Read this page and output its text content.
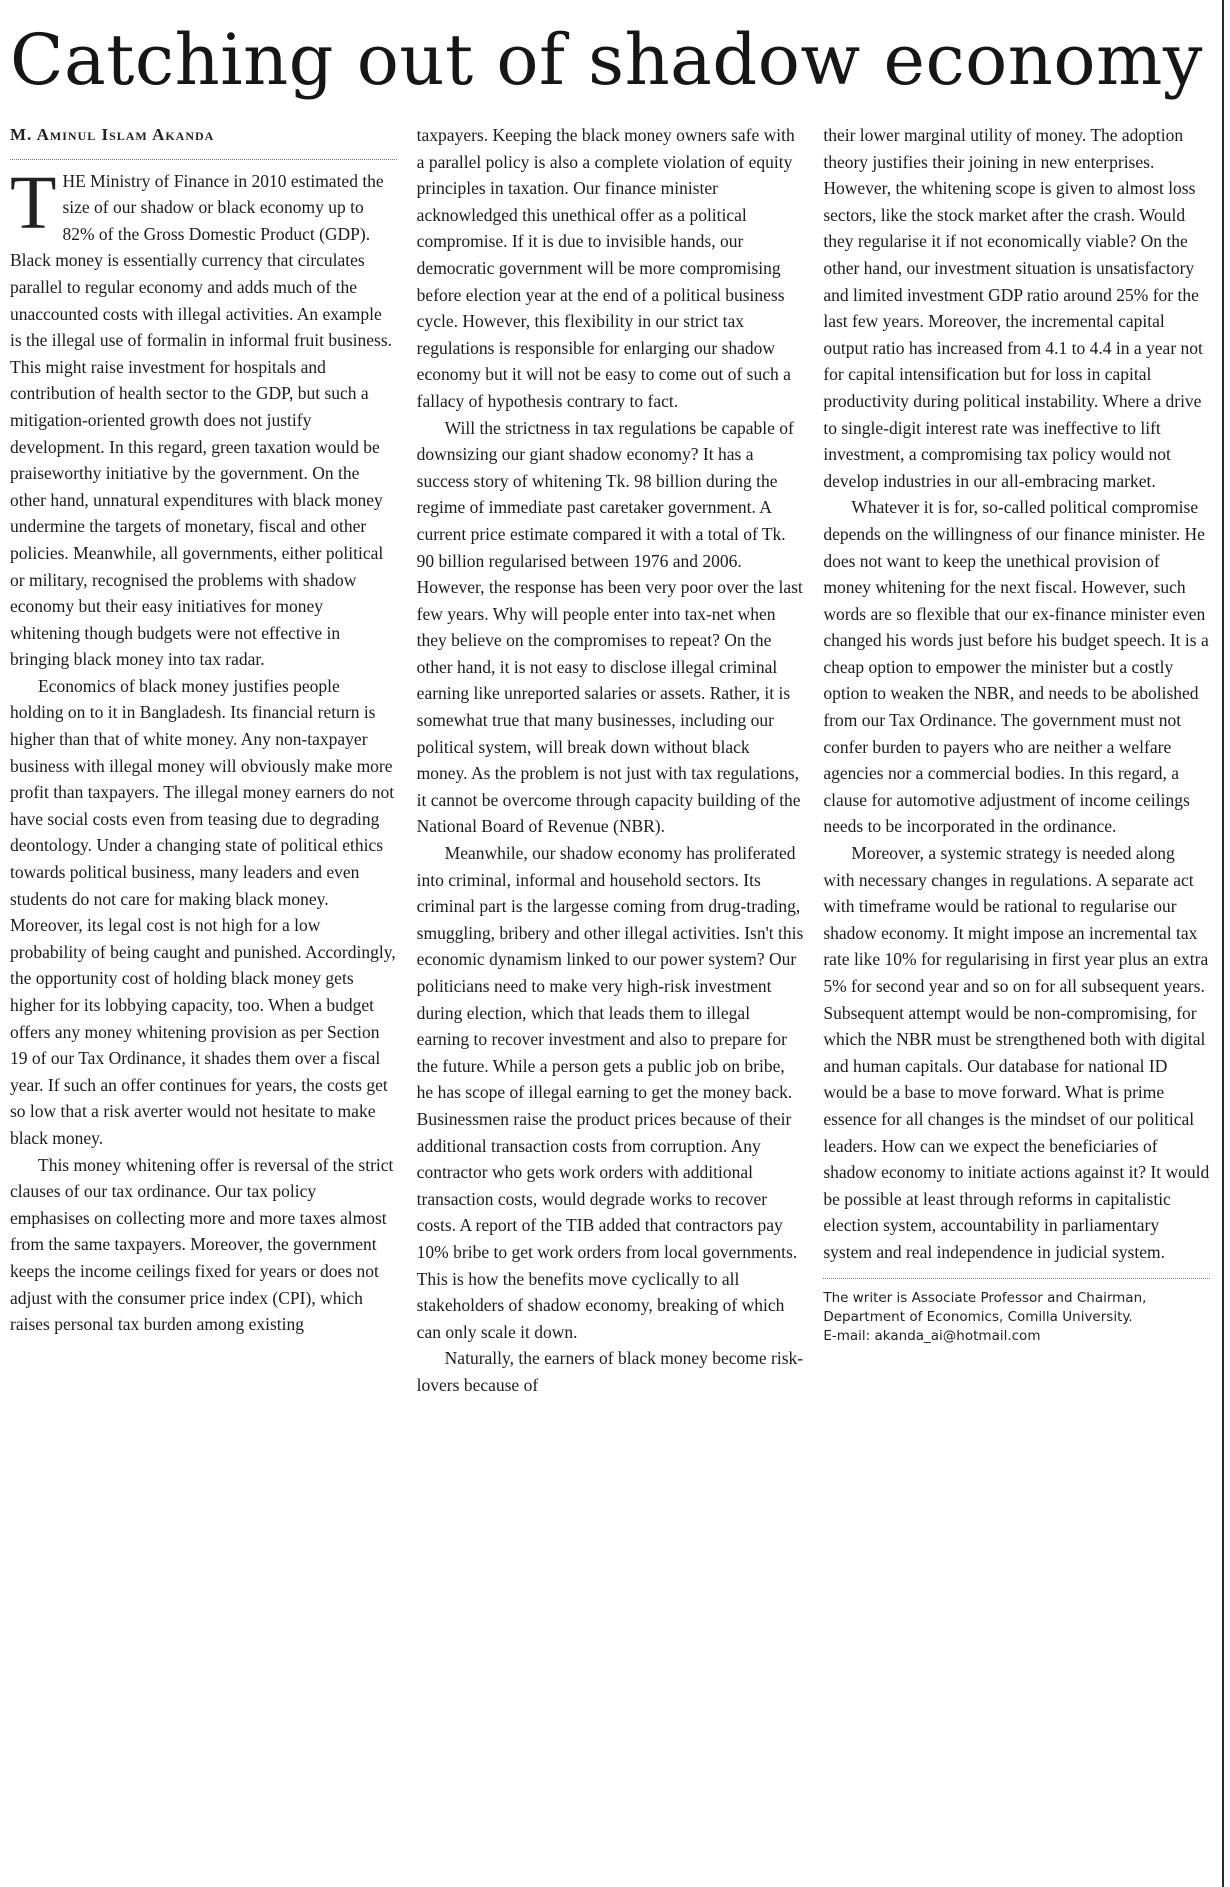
Catching out of shadow economy
M. Aminul Islam Akanda

THE Ministry of Finance in 2010 estimated the size of our shadow or black economy up to 82% of the Gross Domestic Product (GDP). Black money is essentially currency that circulates parallel to regular economy and adds much of the unaccounted costs with illegal activities. An example is the illegal use of formalin in informal fruit business. This might raise investment for hospitals and contribution of health sector to the GDP, but such a mitigation-oriented growth does not justify development. In this regard, green taxation would be praiseworthy initiative by the government. On the other hand, unnatural expenditures with black money undermine the targets of monetary, fiscal and other policies. Meanwhile, all governments, either political or military, recognised the problems with shadow economy but their easy initiatives for money whitening though budgets were not effective in bringing black money into tax radar.

Economics of black money justifies people holding on to it in Bangladesh. Its financial return is higher than that of white money. Any non-taxpayer business with illegal money will obviously make more profit than taxpayers. The illegal money earners do not have social costs even from teasing due to degrading deontology. Under a changing state of political ethics towards political business, many leaders and even students do not care for making black money. Moreover, its legal cost is not high for a low probability of being caught and punished. Accordingly, the opportunity cost of holding black money gets higher for its lobbying capacity, too. When a budget offers any money whitening provision as per Section 19 of our Tax Ordinance, it shades them over a fiscal year. If such an offer continues for years, the costs get so low that a risk averter would not hesitate to make black money.

This money whitening offer is reversal of the strict clauses of our tax ordinance. Our tax policy emphasises on collecting more and more taxes almost from the same taxpayers. Moreover, the government keeps the income ceilings fixed for years or does not adjust with the consumer price index (CPI), which raises personal tax burden among existing

taxpayers. Keeping the black money owners safe with a parallel policy is also a complete violation of equity principles in taxation. Our finance minister acknowledged this unethical offer as a political compromise. If it is due to invisible hands, our democratic government will be more compromising before election year at the end of a political business cycle. However, this flexibility in our strict tax regulations is responsible for enlarging our shadow economy but it will not be easy to come out of such a fallacy of hypothesis contrary to fact.

Will the strictness in tax regulations be capable of downsizing our giant shadow economy? It has a success story of whitening Tk. 98 billion during the regime of immediate past caretaker government. A current price estimate compared it with a total of Tk. 90 billion regularised between 1976 and 2006. However, the response has been very poor over the last few years. Why will people enter into tax-net when they believe on the compromises to repeat? On the other hand, it is not easy to disclose illegal criminal earning like unreported salaries or assets. Rather, it is somewhat true that many businesses, including our political system, will break down without black money. As the problem is not just with tax regulations, it cannot be overcome through capacity building of the National Board of Revenue (NBR).

Meanwhile, our shadow economy has proliferated into criminal, informal and household sectors. Its criminal part is the largesse coming from drug-trading, smuggling, bribery and other illegal activities. Isn't this economic dynamism linked to our power system? Our politicians need to make very high-risk investment during election, which that leads them to illegal earning to recover investment and also to prepare for the future. While a person gets a public job on bribe, he has scope of illegal earning to get the money back. Businessmen raise the product prices because of their additional transaction costs from corruption. Any contractor who gets work orders with additional transaction costs, would degrade works to recover costs. A report of the TIB added that contractors pay 10% bribe to get work orders from local governments. This is how the benefits move cyclically to all stakeholders of shadow economy, breaking of which can only scale it down.

Naturally, the earners of black money become risk-lovers because of

their lower marginal utility of money. The adoption theory justifies their joining in new enterprises. However, the whitening scope is given to almost loss sectors, like the stock market after the crash. Would they regularise it if not economically viable? On the other hand, our investment situation is unsatisfactory and limited investment GDP ratio around 25% for the last few years. Moreover, the incremental capital output ratio has increased from 4.1 to 4.4 in a year not for capital intensification but for loss in capital productivity during political instability. Where a drive to single-digit interest rate was ineffective to lift investment, a compromising tax policy would not develop industries in our all-embracing market.

Whatever it is for, so-called political compromise depends on the willingness of our finance minister. He does not want to keep the unethical provision of money whitening for the next fiscal. However, such words are so flexible that our ex-finance minister even changed his words just before his budget speech. It is a cheap option to empower the minister but a costly option to weaken the NBR, and needs to be abolished from our Tax Ordinance. The government must not confer burden to payers who are neither a welfare agencies nor a commercial bodies. In this regard, a clause for automotive adjustment of income ceilings needs to be incorporated in the ordinance.

Moreover, a systemic strategy is needed along with necessary changes in regulations. A separate act with timeframe would be rational to regularise our shadow economy. It might impose an incremental tax rate like 10% for regularising in first year plus an extra 5% for second year and so on for all subsequent years. Subsequent attempt would be non-compromising, for which the NBR must be strengthened both with digital and human capitals. Our database for national ID would be a base to move forward. What is prime essence for all changes is the mindset of our political leaders. How can we expect the beneficiaries of shadow economy to initiate actions against it? It would be possible at least through reforms in capitalistic election system, accountability in parliamentary system and real independence in judicial system.

The writer is Associate Professor and Chairman,
Department of Economics, Comilla University.
E-mail: akanda_ai@hotmail.com
